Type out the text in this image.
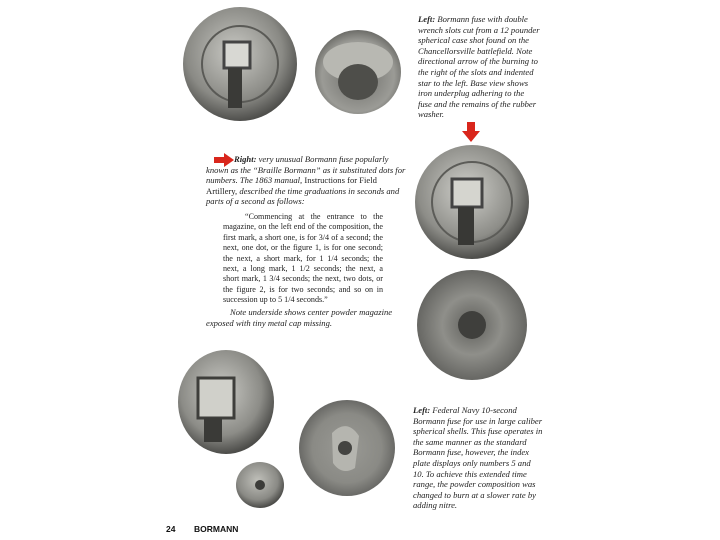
Left: Bormann fuse with double wrench slots cut from a 12 pounder spherical case shot found on the Chancellorsville battlefield. Note directional arrow of the burning to the right of the slots and indented star to the left. Base view shows iron underplug adhering to the fuse and the remains of the rubber washer.
Right: very unusual Bormann fuse popularly known as the “Braille Bormann” as it substituted dots for numbers. The 1863 manual, Instructions for Field Artillery, described the time graduations in seconds and parts of a second as follows:
“Commencing at the entrance to the magazine, on the left end of the composition, the first mark, a short one, is for 3/4 of a second; the next, one dot, or the figure 1, is for one second; the next, a short mark, for 1 1/4 seconds; the next, a long mark, 1 1/2 seconds; the next, a short mark, 1 3/4 seconds; the next, two dots, or the figure 2, is for two seconds; and so on in succession up to 5 1/4 seconds.”
Note underside shows center powder magazine exposed with tiny metal cap missing.
Left: Federal Navy 10-second Bormann fuse for use in large caliber spherical shells. This fuse operates in the same manner as the standard Bormann fuse, however, the index plate displays only numbers 5 and 10. To achieve this extended time range, the powder composition was changed to burn at a slower rate by adding nitre.
24 BORMANN
